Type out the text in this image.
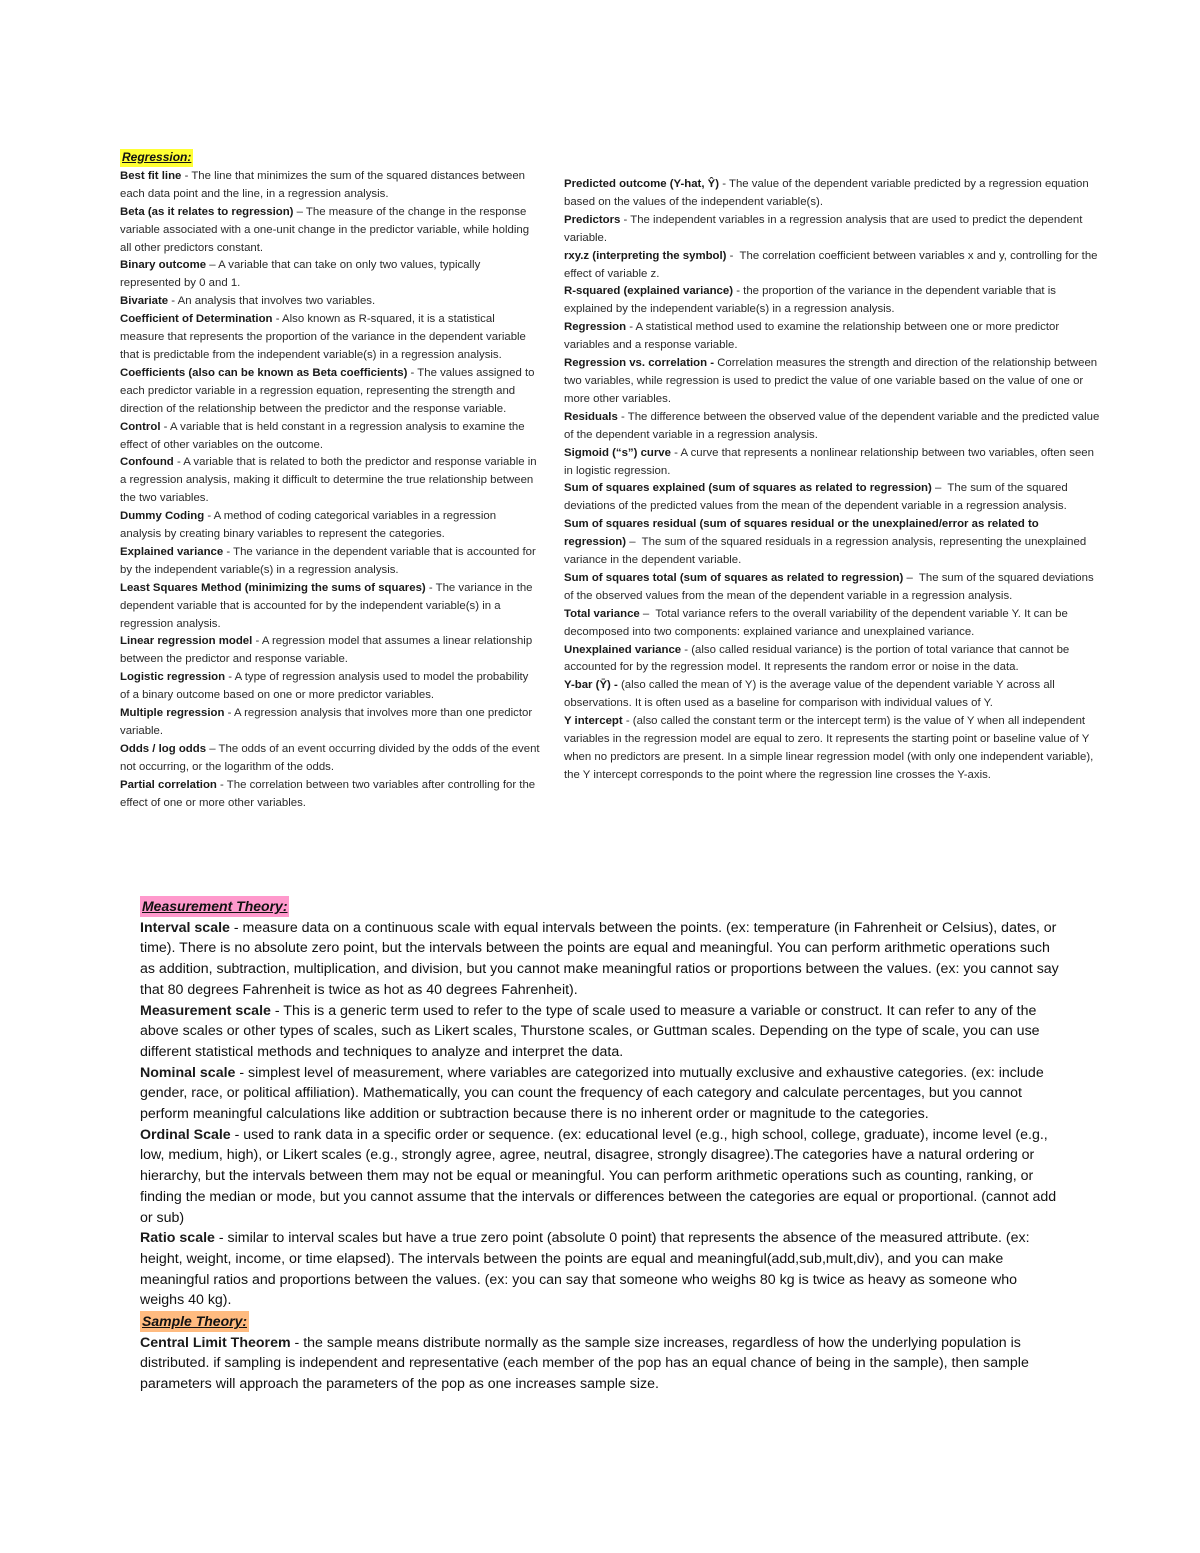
Regression:

Best fit line - The line that minimizes the sum of the squared distances between each data point and the line, in a regression analysis.

Beta (as it relates to regression) – The measure of the change in the response variable associated with a one-unit change in the predictor variable, while holding all other predictors constant.

Binary outcome – A variable that can take on only two values, typically represented by 0 and 1.

Bivariate - An analysis that involves two variables.

Coefficient of Determination - Also known as R-squared, it is a statistical measure that represents the proportion of the variance in the dependent variable that is predictable from the independent variable(s) in a regression analysis.

Coefficients (also can be known as Beta coefficients) - The values assigned to each predictor variable in a regression equation, representing the strength and direction of the relationship between the predictor and the response variable.

Control - A variable that is held constant in a regression analysis to examine the effect of other variables on the outcome.

Confound - A variable that is related to both the predictor and response variable in a regression analysis, making it difficult to determine the true relationship between the two variables.

Dummy Coding - A method of coding categorical variables in a regression analysis by creating binary variables to represent the categories.

Explained variance - The variance in the dependent variable that is accounted for by the independent variable(s) in a regression analysis.

Least Squares Method (minimizing the sums of squares) - The variance in the dependent variable that is accounted for by the independent variable(s) in a regression analysis.

Linear regression model - A regression model that assumes a linear relationship between the predictor and response variable.

Logistic regression - A type of regression analysis used to model the probability of a binary outcome based on one or more predictor variables.

Multiple regression - A regression analysis that involves more than one predictor variable.

Odds / log odds – The odds of an event occurring divided by the odds of the event not occurring, or the logarithm of the odds.

Partial correlation - The correlation between two variables after controlling for the effect of one or more other variables.

Predicted outcome (Y-hat, Ŷ) - The value of the dependent variable predicted by a regression equation based on the values of the independent variable(s).

Predictors - The independent variables in a regression analysis that are used to predict the dependent variable.

rxy.z (interpreting the symbol) -  The correlation coefficient between variables x and y, controlling for the effect of variable z.

R-squared (explained variance) - the proportion of the variance in the dependent variable that is explained by the independent variable(s) in a regression analysis.

Regression - A statistical method used to examine the relationship between one or more predictor variables and a response variable.

Regression vs. correlation - Correlation measures the strength and direction of the relationship between two variables, while regression is used to predict the value of one variable based on the value of one or more other variables.

Residuals - The difference between the observed value of the dependent variable and the predicted value of the dependent variable in a regression analysis.

Sigmoid (“s”) curve - A curve that represents a nonlinear relationship between two variables, often seen in logistic regression.

Sum of squares explained (sum of squares as related to regression) –  The sum of the squared deviations of the predicted values from the mean of the dependent variable in a regression analysis.

Sum of squares residual (sum of squares residual or the unexplained/error as related to regression) –  The sum of the squared residuals in a regression analysis, representing the unexplained variance in the dependent variable.

Sum of squares total (sum of squares as related to regression) –  The sum of the squared deviations of the observed values from the mean of the dependent variable in a regression analysis.

Total variance –  Total variance refers to the overall variability of the dependent variable Y. It can be decomposed into two components: explained variance and unexplained variance.

Unexplained variance - (also called residual variance) is the portion of total variance that cannot be accounted for by the regression model. It represents the random error or noise in the data.

Y-bar (Ȳ) - (also called the mean of Y) is the average value of the dependent variable Y across all observations. It is often used as a baseline for comparison with individual values of Y.

Y intercept - (also called the constant term or the intercept term) is the value of Y when all independent variables in the regression model are equal to zero. It represents the starting point or baseline value of Y when no predictors are present. In a simple linear regression model (with only one independent variable), the Y intercept corresponds to the point where the regression line crosses the Y-axis.

Measurement Theory:

Interval scale - measure data on a continuous scale with equal intervals between the points. (ex: temperature (in Fahrenheit or Celsius), dates, or time). There is no absolute zero point, but the intervals between the points are equal and meaningful. You can perform arithmetic operations such as addition, subtraction, multiplication, and division, but you cannot make meaningful ratios or proportions between the values. (ex: you cannot say that 80 degrees Fahrenheit is twice as hot as 40 degrees Fahrenheit).

Measurement scale - This is a generic term used to refer to the type of scale used to measure a variable or construct. It can refer to any of the above scales or other types of scales, such as Likert scales, Thurstone scales, or Guttman scales. Depending on the type of scale, you can use different statistical methods and techniques to analyze and interpret the data.

Nominal scale - simplest level of measurement, where variables are categorized into mutually exclusive and exhaustive categories. (ex: include gender, race, or political affiliation). Mathematically, you can count the frequency of each category and calculate percentages, but you cannot perform meaningful calculations like addition or subtraction because there is no inherent order or magnitude to the categories.

Ordinal Scale - used to rank data in a specific order or sequence. (ex: educational level (e.g., high school, college, graduate), income level (e.g., low, medium, high), or Likert scales (e.g., strongly agree, agree, neutral, disagree, strongly disagree).The categories have a natural ordering or hierarchy, but the intervals between them may not be equal or meaningful. You can perform arithmetic operations such as counting, ranking, or finding the median or mode, but you cannot assume that the intervals or differences between the categories are equal or proportional. (cannot add or sub)

Ratio scale - similar to interval scales but have a true zero point (absolute 0 point) that represents the absence of the measured attribute. (ex: height, weight, income, or time elapsed). The intervals between the points are equal and meaningful(add,sub,mult,div), and you can make meaningful ratios and proportions between the values. (ex: you can say that someone who weighs 80 kg is twice as heavy as someone who weighs 40 kg).

Sample Theory:

Central Limit Theorem - the sample means distribute normally as the sample size increases, regardless of how the underlying population is distributed. if sampling is independent and representative (each member of the pop has an equal chance of being in the sample), then sample parameters will approach the parameters of the pop as one increases sample size.
